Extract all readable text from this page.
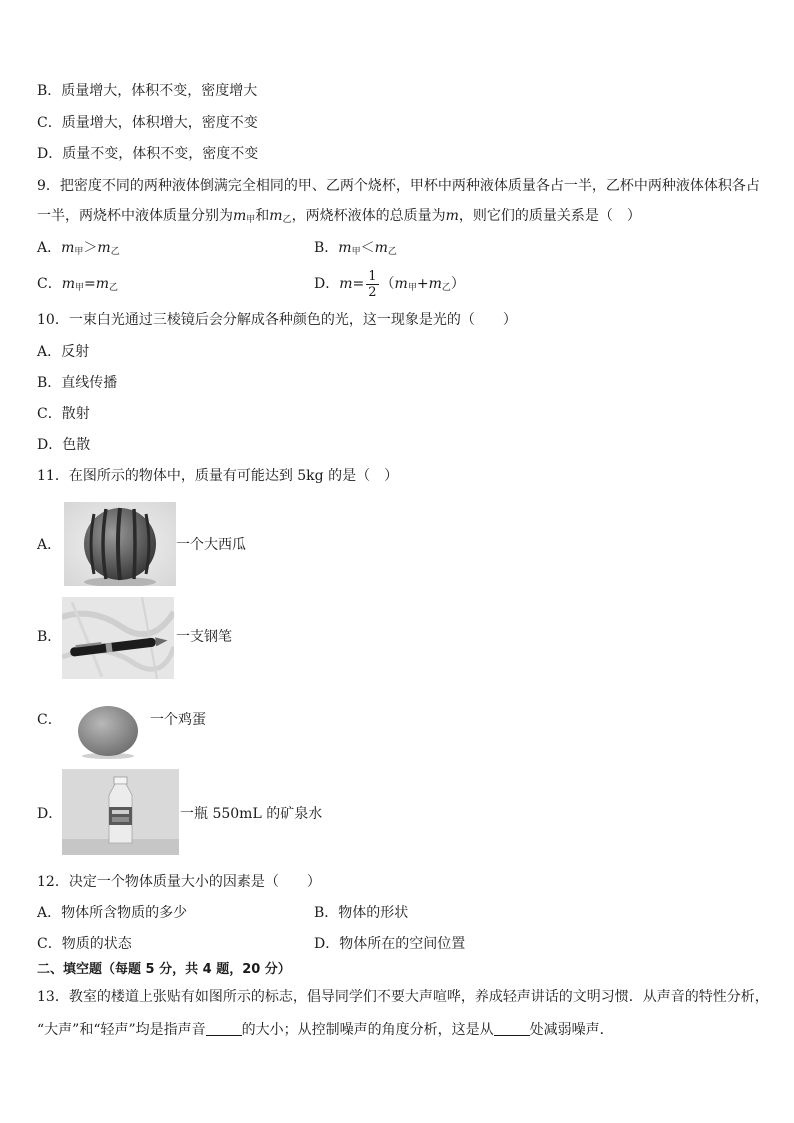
B．质量增大，体积不变，密度增大
C．质量增大，体积增大，密度不变
D．质量不变，体积不变，密度不变
9．把密度不同的两种液体倒满完全相同的甲、乙两个烧杯，甲杯中两种液体质量各占一半，乙杯中两种液体体积各占
一半，两烧杯中液体质量分别为$m_甲$和$m_乙$，两烧杯液体的总质量为m，则它们的质量关系是（　）
A．$m_甲>m_乙$	B．$m_甲<m_乙$
C．$m_甲=m_乙$	D．$m= \frac{1}{2} (m_甲+m_乙)$
10．一束白光通过三棱镜后会分解成各种颜色的光，这一现象是光的（　　）
A．反射
B．直线传播
C．散射
D．色散
11．在图所示的物体中，质量有可能达到 5kg 的是（　）
A．	一个大西瓜
B．	一支钢笔
C．	一个鸡蛋
D．	一瓶 550mL 的矿泉水
12．决定一个物体质量大小的因素是（　　）
A．物体所含物质的多少	B．物体的形状
C．物质的状态	D．物体所在的空间位置
二、填空题（每题 5 分，共 4 题，20 分）
13．教室的楼道上张贴有如图所示的标志，倡导同学们不要大声喧哗，养成轻声讲话的文明习惯．从声音的特性分析，
“大声”和“轻声”均是指声音	的大小；从控制噪声的角度分析，这是从	处减弱噪声．
